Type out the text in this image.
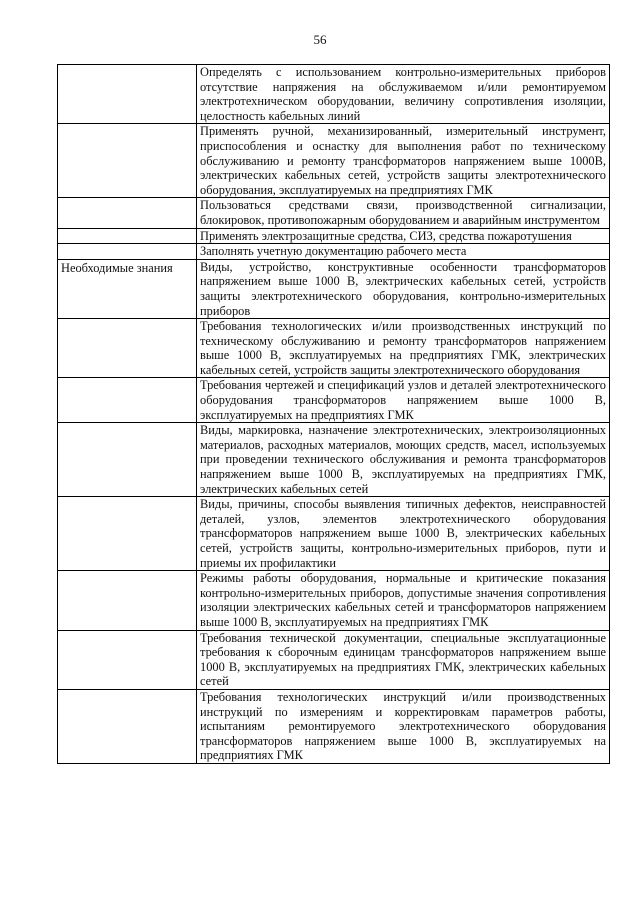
56
	Определять с использованием контрольно-измерительных приборов отсутствие напряжения на обслуживаемом и/или ремонтируемом электротехническом оборудовании, величину сопротивления изоляции, целостность кабельных линий
	Применять ручной, механизированный, измерительный инструмент, приспособления и оснастку для выполнения работ по техническому обслуживанию и ремонту трансформаторов напряжением выше 1000В, электрических кабельных сетей, устройств защиты электротехнического оборудования, эксплуатируемых на предприятиях ГМК
	Пользоваться средствами связи, производственной сигнализации, блокировок, противопожарным оборудованием и аварийным инструментом
	Применять электрозащитные средства, СИЗ, средства пожаротушения
	Заполнять учетную документацию рабочего места
Необходимые знания	Виды, устройство, конструктивные особенности трансформаторов напряжением выше 1000 В, электрических кабельных сетей, устройств защиты электротехнического оборудования, контрольно-измерительных приборов
	Требования технологических и/или производственных инструкций по техническому обслуживанию и ремонту трансформаторов напряжением выше 1000 В, эксплуатируемых на предприятиях ГМК, электрических кабельных сетей, устройств защиты электротехнического оборудования
	Требования чертежей и спецификаций узлов и деталей электротехнического оборудования трансформаторов напряжением выше 1000 В, эксплуатируемых на предприятиях ГМК
	Виды, маркировка, назначение электротехнических, электроизоляционных материалов, расходных материалов, моющих средств, масел, используемых при проведении технического обслуживания и ремонта трансформаторов напряжением выше 1000 В, эксплуатируемых на предприятиях ГМК, электрических кабельных сетей
	Виды, причины, способы выявления типичных дефектов, неисправностей деталей, узлов, элементов электротехнического оборудования трансформаторов напряжением выше 1000 В, электрических кабельных сетей, устройств защиты, контрольно-измерительных приборов, пути и приемы их профилактики
	Режимы работы оборудования, нормальные и критические показания контрольно-измерительных приборов, допустимые значения сопротивления изоляции электрических кабельных сетей и трансформаторов напряжением выше 1000 В, эксплуатируемых на предприятиях ГМК
	Требования технической документации, специальные эксплуатационные требования к сборочным единицам трансформаторов напряжением выше 1000 В, эксплуатируемых на предприятиях ГМК, электрических кабельных сетей
	Требования технологических инструкций и/или производственных инструкций по измерениям и корректировкам параметров работы, испытаниям ремонтируемого электротехнического оборудования трансформаторов напряжением выше 1000 В, эксплуатируемых на предприятиях ГМК
